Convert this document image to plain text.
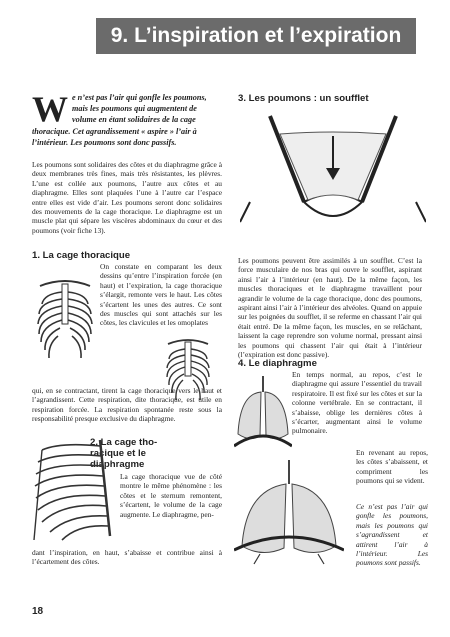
9. L’inspiration et l’expiration
W e n’est pas l’air qui gonfle les poumons, mais les poumons qui augmentent de volume en étant solidaires de la cage thoracique. Cet agrandissement « aspire » l’air à l’intérieur. Les poumons sont donc passifs.
Les poumons sont solidaires des côtes et du diaphragme grâce à deux membranes très fines, mais très résistantes, les plèvres. L’une est collée aux poumons, l’autre aux côtes et au diaphragme. Elles sont plaquées l’une à l’autre car l’espace entre elles est vide d’air. Les poumons seront donc solidaires des mouvements de la cage thoracique. Le diaphragme est un muscle plat qui sépare les viscères abdominaux du cœur et des poumons (voir fiche 13).
1. La cage thoracique
On constate en comparant les deux dessins qu’entre l’inspiration forcée (en haut) et l’expiration, la cage thoracique s’élargit, remonte vers le haut. Les côtes s’écartent les unes des autres. Ce sont des muscles qui sont attachés sur les côtes, les clavicules et les omoplates
qui, en se contractant, tirent la cage thoracique vers le haut et l’agrandissent. Cette respiration, dite thoracique, est utile en respiration forcée. La respiration spontanée reste sous la responsabilité presque exclusive du diaphragme.
2. La cage tho-
racique et le
diaphragme
La cage thoracique vue de côté montre le même phénomène : les côtes et le sternum remontent, s’écartent, le volume de la cage augmente. Le diaphragme, pen-
dant l’inspiration, en haut, s’abaisse et contribue ainsi à l’écartement des côtes.
3. Les poumons : un soufflet
Les poumons peuvent être assimilés à un soufflet. C’est la force musculaire de nos bras qui ouvre le soufflet, aspirant ainsi l’air à l’intérieur (en haut). De la même façon, les muscles thoraciques et le diaphragme travaillent pour agrandir le volume de la cage thoracique, donc des poumons, aspirant ainsi l’air à l’intérieur des alvéoles. Quand on appuie sur les poignées du soufflet, il se referme en chassant l’air qui était entré. De la même façon, les muscles, en se relâchant, laissent la cage reprendre son volume normal, pressant ainsi les poumons qui chassent l’air qui était à l’intérieur (l’expiration est donc passive).
4. Le diaphragme
En temps normal, au repos, c’est le diaphragme qui assure l’essentiel du travail respiratoire. Il est fixé sur les côtes et sur la colonne vertébrale. En se contractant, il s’abaisse, oblige les dernières côtes à s’écarter, augmentant ainsi le volume pulmonaire.
En revenant au repos, les côtes s’abaissent, et compriment les poumons qui se vident.
Ce n’est pas l’air qui gonfle les poumons, mais les poumons qui s’agrandissent et attirent l’air à l’intérieur. Les poumons sont passifs.
18
